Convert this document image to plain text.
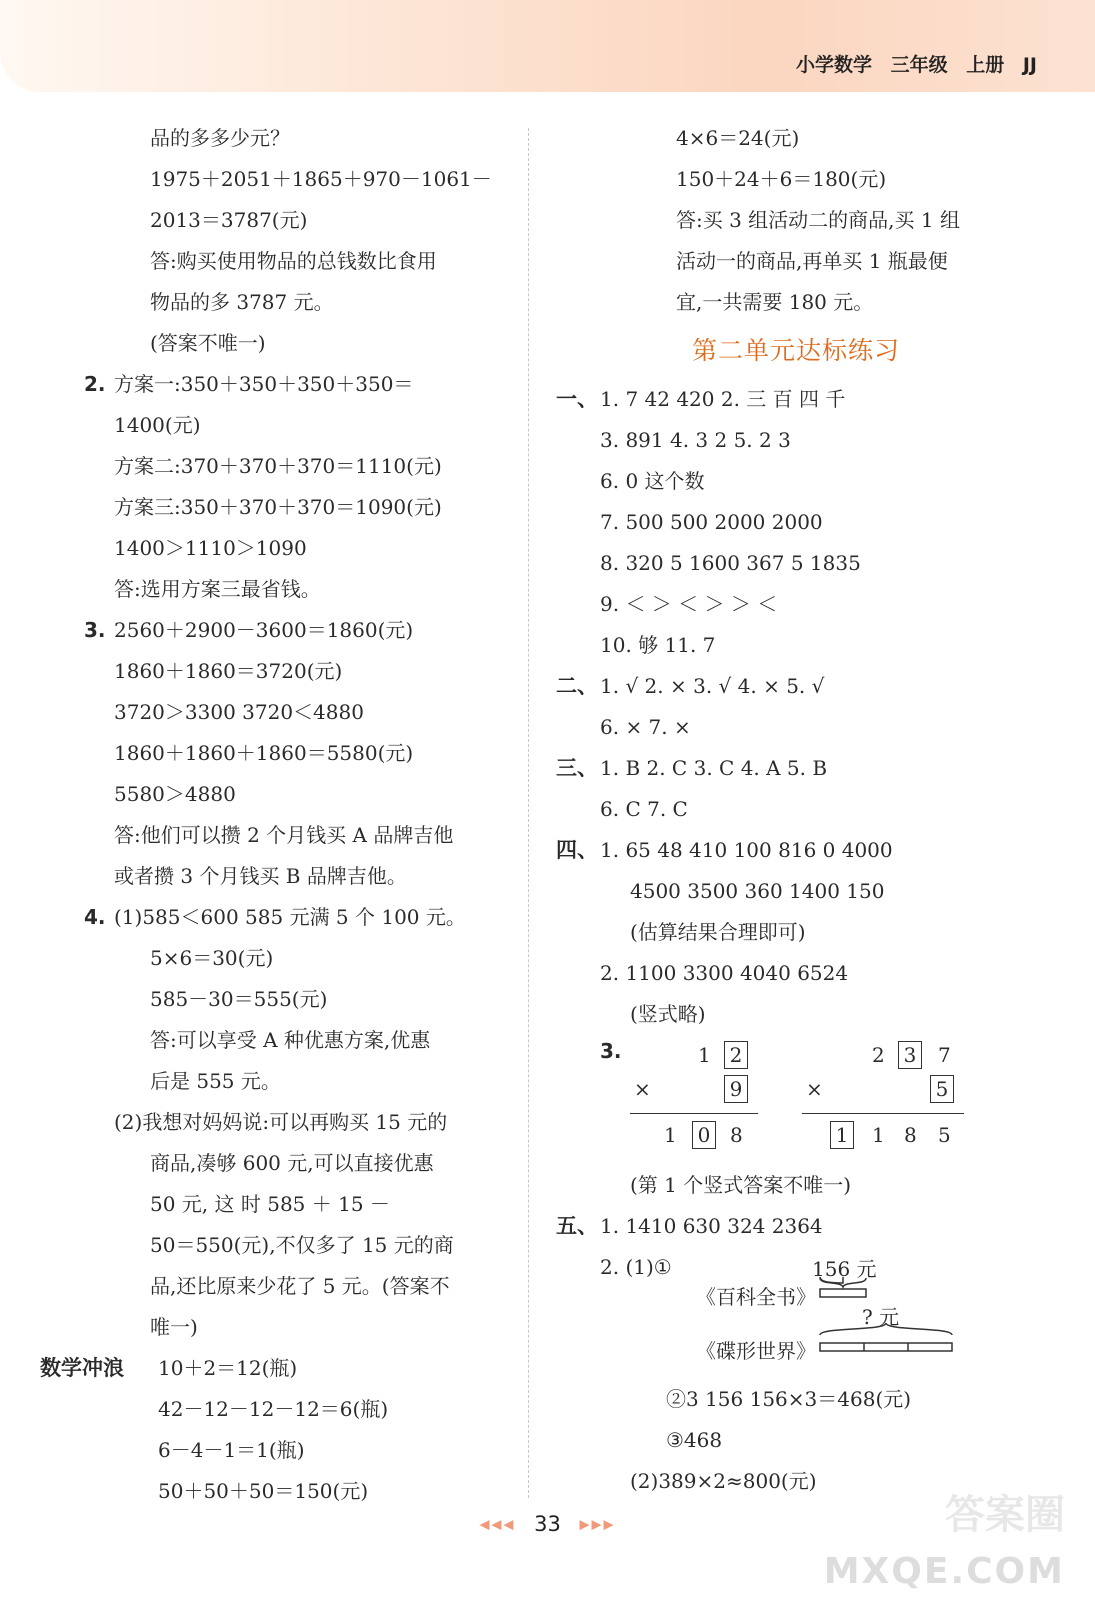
小学数学 三年级 上册 JJ
品的多多少元？
1975＋2051＋1865＋970－1061－
2013＝3787(元)
答:购买使用物品的总钱数比食用
物品的多 3787 元。
(答案不唯一)
2. 方案一:350＋350＋350＋350＝
1400(元)
方案二:370＋370＋370＝1110(元)
方案三:350＋370＋370＝1090(元)
1400＞1110＞1090
答:选用方案三最省钱。
3. 2560＋2900－3600＝1860(元)
1860＋1860＝3720(元)
3720＞3300 3720＜4880
1860＋1860＋1860＝5580(元)
5580＞4880
答:他们可以攒 2 个月钱买 A 品牌吉他
或者攒 3 个月钱买 B 品牌吉他。
4. (1)585＜600 585 元满 5 个 100 元。
5×6＝30(元)
585－30＝555(元)
答:可以享受 A 种优惠方案,优惠
后是 555 元。
(2)我想对妈妈说:可以再购买 15 元的
商品,凑够 600 元,可以直接优惠
50 元, 这 时 585 ＋ 15 －
50＝550(元),不仅多了 15 元的商
品,还比原来少花了 5 元。(答案不
唯一)
数学冲浪 10＋2＝12(瓶)
42－12－12－12＝6(瓶)
6－4－1＝1(瓶)
50＋50＋50＝150(元)
4×6＝24(元)
150＋24＋6＝180(元)
答:买 3 组活动二的商品,买 1 组
活动一的商品,再单买 1 瓶最便
宜,一共需要 180 元。
第二单元达标练习
一、 1. 7 42 420 2. 三 百 四 千
3. 891 4. 3 2 5. 2 3
6. 0 这个数
7. 500 500 2000 2000
8. 320 5 1600 367 5 1835
9. ＜ ＞ ＜ ＞ ＞ ＜
10. 够 11. 7
二、 1. √ 2. × 3. √ 4. × 5. √
6. × 7. ×
三、 1. B 2. C 3. C 4. A 5. B
6. C 7. C
四、 1. 65 48 410 100 816 0 4000
4500 3500 360 1400 150
(估算结果合理即可)
2. 1100 3300 4040 6524
(竖式略)
3.	1 2
×	9
1 0 8
2 3 7
×	5
1 1 8 5
(第 1 个竖式答案不唯一)
五、 1. 1410 630 324 2364
2. (1)①	156 元
《百科全书》
? 元
《碟形世界》
②3 156 156×3＝468(元)
③468
(2)389×2≈800(元)
◀◀◀ 33 ▶▶▶	答案圈
MXQE.COM
